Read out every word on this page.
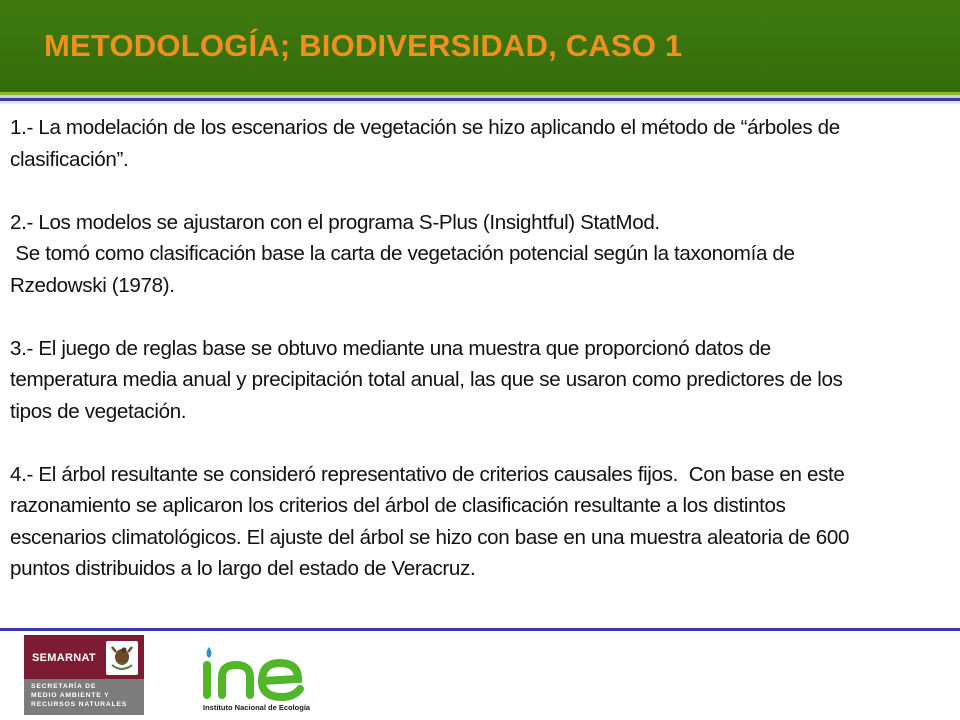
METODOLOGÍA; BIODIVERSIDAD, CASO 1

1.- La modelación de los escenarios de vegetación se hizo aplicando el método de “árboles de
clasificación”.

2.- Los modelos se ajustaron con el programa S-Plus (Insightful) StatMod.
Se tomó como clasificación base la carta de vegetación potencial según la taxonomía de
Rzedowski (1978).

3.- El juego de reglas base se obtuvo mediante una muestra que proporcionó datos de
temperatura media anual y precipitación total anual, las que se usaron como predictores de los
tipos de vegetación.

4.- El árbol resultante se consideró representativo de criterios causales fijos.  Con base en este
razonamiento se aplicaron los criterios del árbol de clasificación resultante a los distintos
escenarios climatológicos. El ajuste del árbol se hizo con base en una muestra aleatoria de 600
puntos distribuidos a lo largo del estado de Veracruz.

SEMARNAT
SECRETARÍA DE
MEDIO AMBIENTE Y
RECURSOS NATURALES	Instituto Nacional de Ecología
